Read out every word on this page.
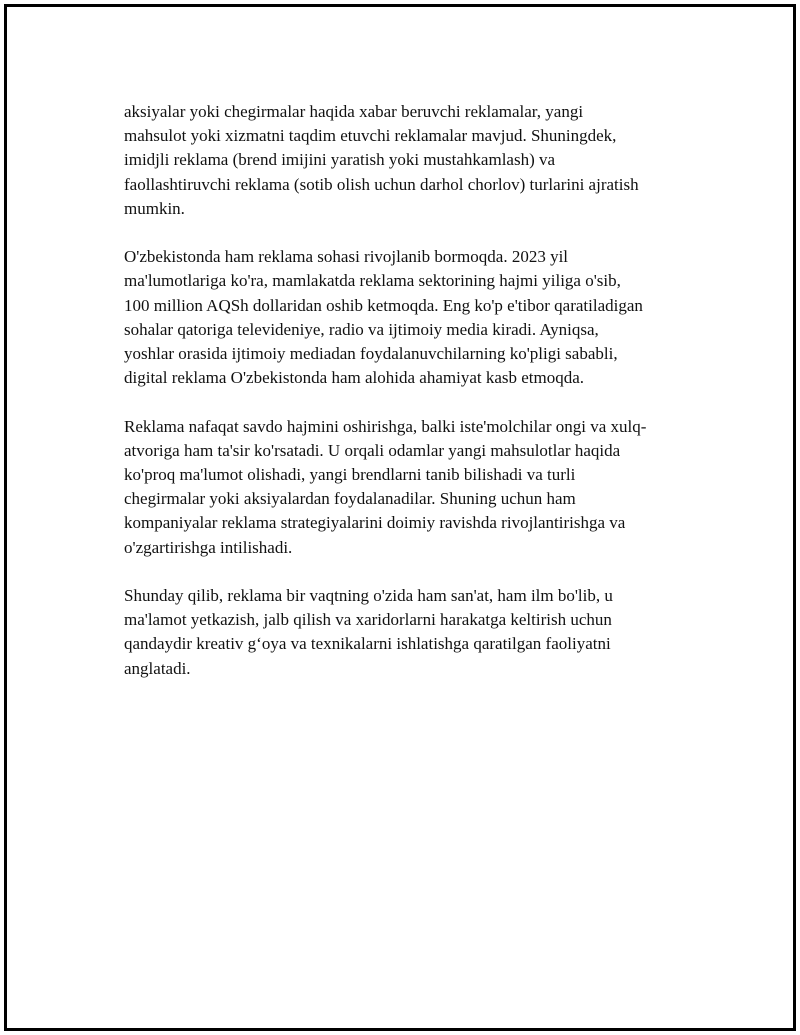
aksiyalar yoki chegirmalar haqida xabar beruvchi reklamalar, yangi
mahsulot yoki xizmatni taqdim etuvchi reklamalar mavjud. Shuningdek,
imidjli reklama (brend imijini yaratish yoki mustahkamlash) va
faollashtiruvchi reklama (sotib olish uchun darhol chorlov) turlarini ajratish
mumkin.

O'zbekistonda ham reklama sohasi rivojlanib bormoqda. 2023 yil
ma'lumotlariga ko'ra, mamlakatda reklama sektorining hajmi yiliga o'sib,
100 million AQSh dollaridan oshib ketmoqda. Eng ko'p e'tibor qaratiladigan
sohalar qatoriga televideniye, radio va ijtimoiy media kiradi. Ayniqsa,
yoshlar orasida ijtimoiy mediadan foydalanuvchilarning ko'pligi sababli,
digital reklama O'zbekistonda ham alohida ahamiyat kasb etmoqda.

Reklama nafaqat savdo hajmini oshirishga, balki iste'molchilar ongi va xulq-
atvoriga ham ta'sir ko'rsatadi. U orqali odamlar yangi mahsulotlar haqida
ko'proq ma'lumot olishadi, yangi brendlarni tanib bilishadi va turli
chegirmalar yoki aksiyalardan foydalanadilar. Shuning uchun ham
kompaniyalar reklama strategiyalarini doimiy ravishda rivojlantirishga va
o'zgartirishga intilishadi.

Shunday qilib, reklama bir vaqtning o'zida ham san'at, ham ilm bo'lib, u
ma'lamot yetkazish, jalb qilish va xaridorlarni harakatga keltirish uchun
qandaydir kreativ g‘oya va texnikalarni ishlatishga qaratilgan faoliyatni
anglatadi.
